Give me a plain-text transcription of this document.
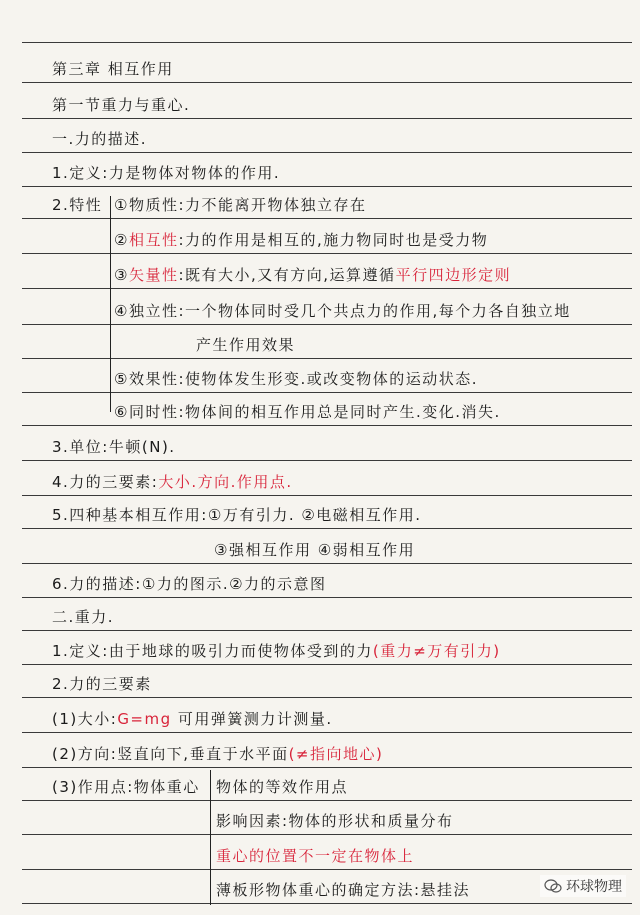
第三章 相互作用
第一节重力与重心.
一.力的描述.
1.定义:力是物体对物体的作用.
2.特性 ①物质性:力不能离开物体独立存在
②相互性:力的作用是相互的,施力物同时也是受力物
③矢量性:既有大小,又有方向,运算遵循平行四边形定则
④独立性:一个物体同时受几个共点力的作用,每个力各自独立地
产生作用效果
⑤效果性:使物体发生形变.或改变物体的运动状态.
⑥同时性:物体间的相互作用总是同时产生.变化.消失.
3.单位:牛顿(N).
4.力的三要素:大小.方向.作用点.
5.四种基本相互作用:①万有引力. ②电磁相互作用.
③强相互作用 ④弱相互作用
6.力的描述:①力的图示.②力的示意图
二.重力.
1.定义:由于地球的吸引力而使物体受到的力(重力≠万有引力)
2.力的三要素
(1)大小:G=mg 可用弹簧测力计测量.
(2)方向:竖直向下,垂直于水平面(≠指向地心)
(3)作用点:物体重心 物体的等效作用点
影响因素:物体的形状和质量分布
重心的位置不一定在物体上
薄板形物体重心的确定方法:悬挂法	环球物理
